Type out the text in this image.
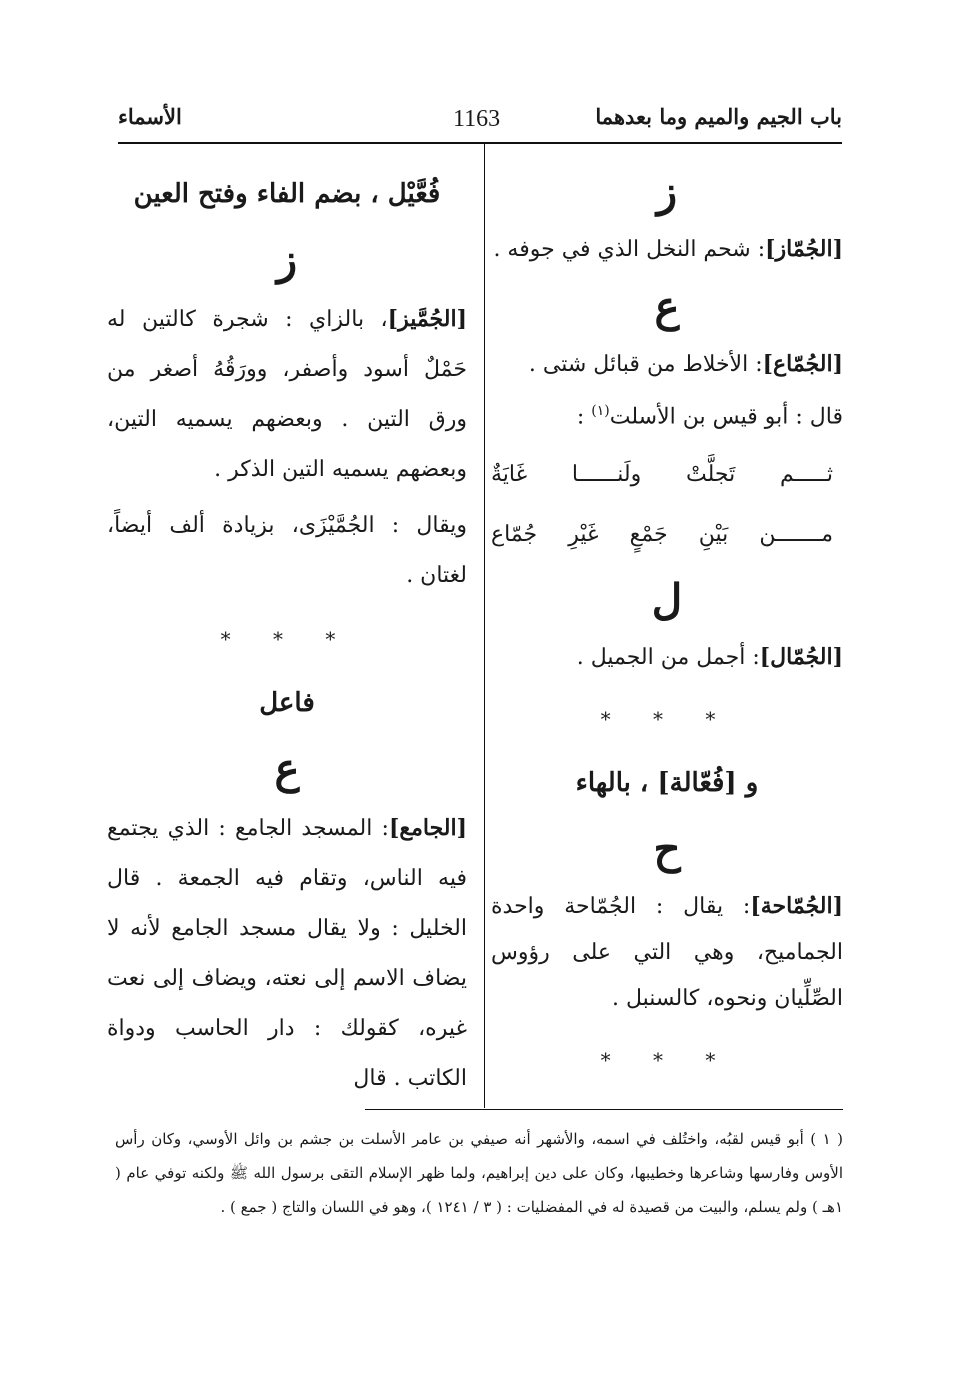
باب الجيم والميم وما بعدهما
1163
الأسماء
ز

[الجُمّاز]: شحم النخل الذي في جوفه .

ع

[الجُمّاع]: الأخلاط من قبائل شتى .

قال : أبو قيس بن الأسلت$^{(١)}$ :

ثـــــم تَجلَّتْ ولَنــــــا غَايَةٌ
مـــــــن بَيْنِ جَمْعٍ غَيْرِ جُمّاع
ل

[الجُمّال]: أجمل من الجميل .

* * *
و [فُعّالة] ، بالهاء
ح

[الجُمّاحة]: يقال : الجُمّاحة واحدة الجماميح، وهي التي على رؤوس الصِّلِّيان ونحوه، كالسنبل .

* * *
فُعَّيْل ، بضم الفاء وفتح العين
ز

[الجُمَّيز]، بالزاي : شجرة كالتين له حَمْلٌ أسود وأصفر، وورَقُهُ أصغر من ورق التين . وبعضهم يسميه التين، وبعضهم يسميه التين الذكر .

ويقال : الجُمَّيْزَى، بزيادة ألف أيضاً، لغتان .

* * *
فاعل
ع

[الجامع]: المسجد الجامع : الذي يجتمع فيه الناس، وتقام فيه الجمعة . قال الخليل : ولا يقال مسجد الجامع لأنه لا يضاف الاسم إلى نعته، ويضاف إلى نعت غيره، كقولك : دار الحاسب ودواة الكاتب . قال

( ١ ) أبو قيس لقبُه، واختُلف في اسمه، والأشهر أنه صيفي بن عامر الأسلت بن جشم بن وائل الأوسي، وكان رأس الأوس وفارسها وشاعرها وخطيبها، وكان على دين إبراهيم، ولما ظهر الإسلام التقى برسول الله ﷺ ولكنه توفي عام ( ١هـ ) ولم يسلم، والبيت من قصيدة له في المفضليات : ( ٣ / ١٢٤١ )، وهو في اللسان والتاج ( جمع ) .
